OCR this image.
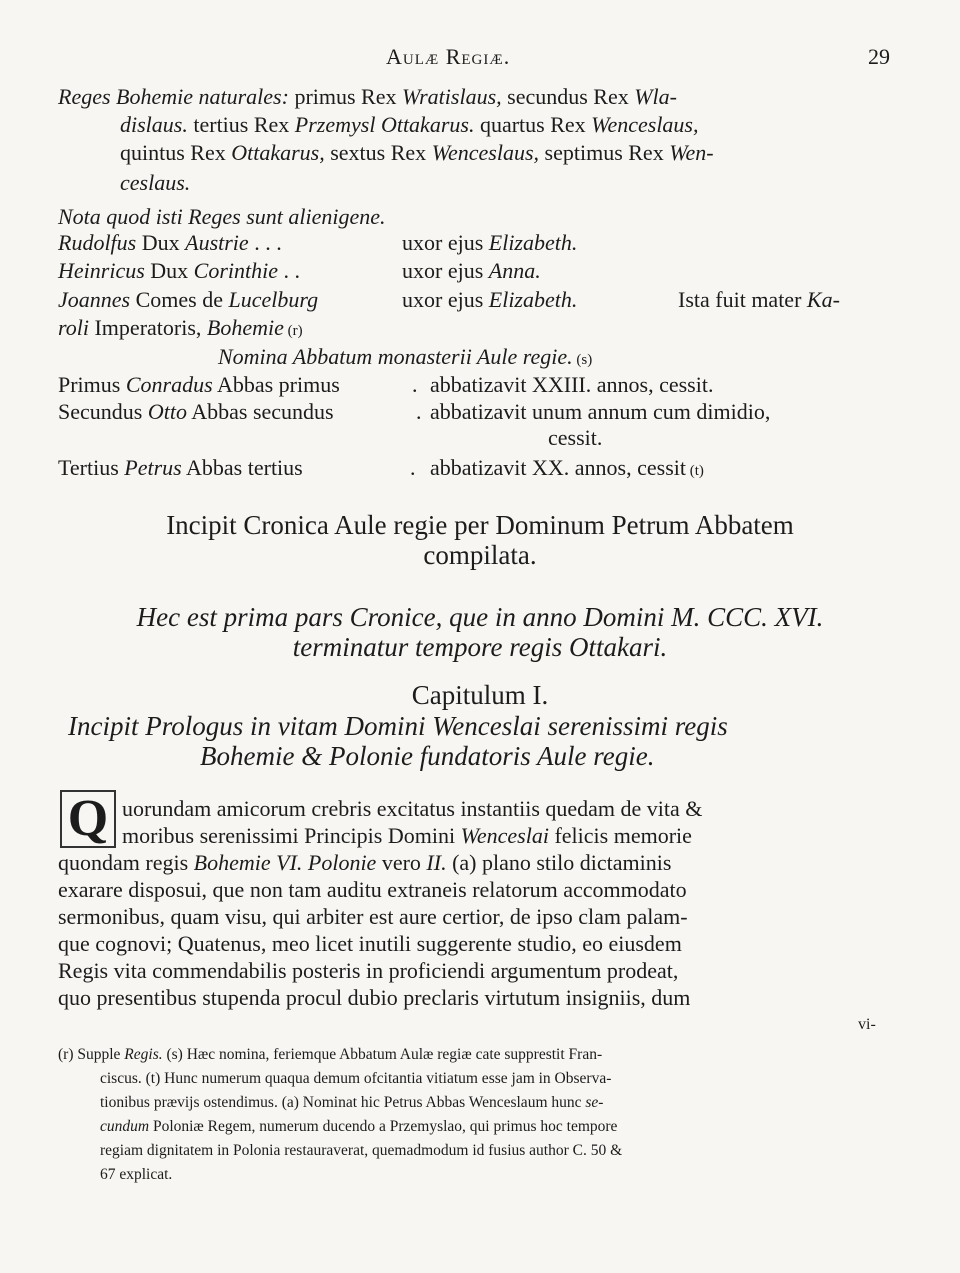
Aulæ Regiæ.	29
Reges Bohemie naturales: primus Rex Wratislaus, secundus Rex Wla-
dislaus. tertius Rex Przemysl Ottakarus. quartus Rex Wenceslaus,
quintus Rex Ottakarus, sextus Rex Wenceslaus, septimus Rex Wen-
ceslaus.
Nota quod isti Reges sunt alienigene.
Rudolfus Dux Austrie . . .	uxor ejus Elizabeth.
Heinricus Dux Corinthie . .	uxor ejus Anna.
Joannes Comes de Lucelburg	uxor ejus Elizabeth.	Ista fuit mater Ka-
roli Imperatoris, Bohemie (r)
Nomina Abbatum monasterii Aule regie. (s)
Primus Conradus Abbas primus	. abbatizavit XXIII. annos, cessit.
Secundus Otto Abbas secundus	. abbatizavit unum annum cum dimidio,
cessit.
Tertius Petrus Abbas tertius	. abbatizavit XX. annos, cessit (t)
Incipit Cronica Aule regie per Dominum Petrum Abbatem
compilata.
Hec est prima pars Cronice, que in anno Domini M. CCC. XVI.
terminatur tempore regis Ottakari.
Capitulum I.
Incipit Prologus in vitam Domini Wenceslai serenissimi regis
Bohemie & Polonie fundatoris Aule regie.
Q uorundam amicorum crebris excitatus instantiis quedam de vita &
moribus serenissimi Principis Domini Wenceslai felicis memorie
quondam regis Bohemie VI. Polonie vero II. (a) plano stilo dictaminis
exarare disposui, que non tam auditu extraneis relatorum accommodato
sermonibus, quam visu, qui arbiter est aure certior, de ipso clam palam-
que cognovi; Quatenus, meo licet inutili suggerente studio, eo eiusdem
Regis vita commendabilis posteris in proficiendi argumentum prodeat,
quo presentibus stupenda procul dubio preclaris virtutum insigniis, dum
vi-
(r) Supple Regis. (s) Hæc nomina, feriemque Abbatum Aulæ regiæ cate supprestit Fran-
ciscus. (t) Hunc numerum quaqua demum ofcitantia vitiatum esse jam in Observa-
tionibus prævijs ostendimus. (a) Nominat hic Petrus Abbas Wenceslaum hunc se-
cundum Poloniæ Regem, numerum ducendo a Przemyslao, qui primus hoc tempore
regiam dignitatem in Polonia restauraverat, quemadmodum id fusius author C. 50 &
67 explicat.
